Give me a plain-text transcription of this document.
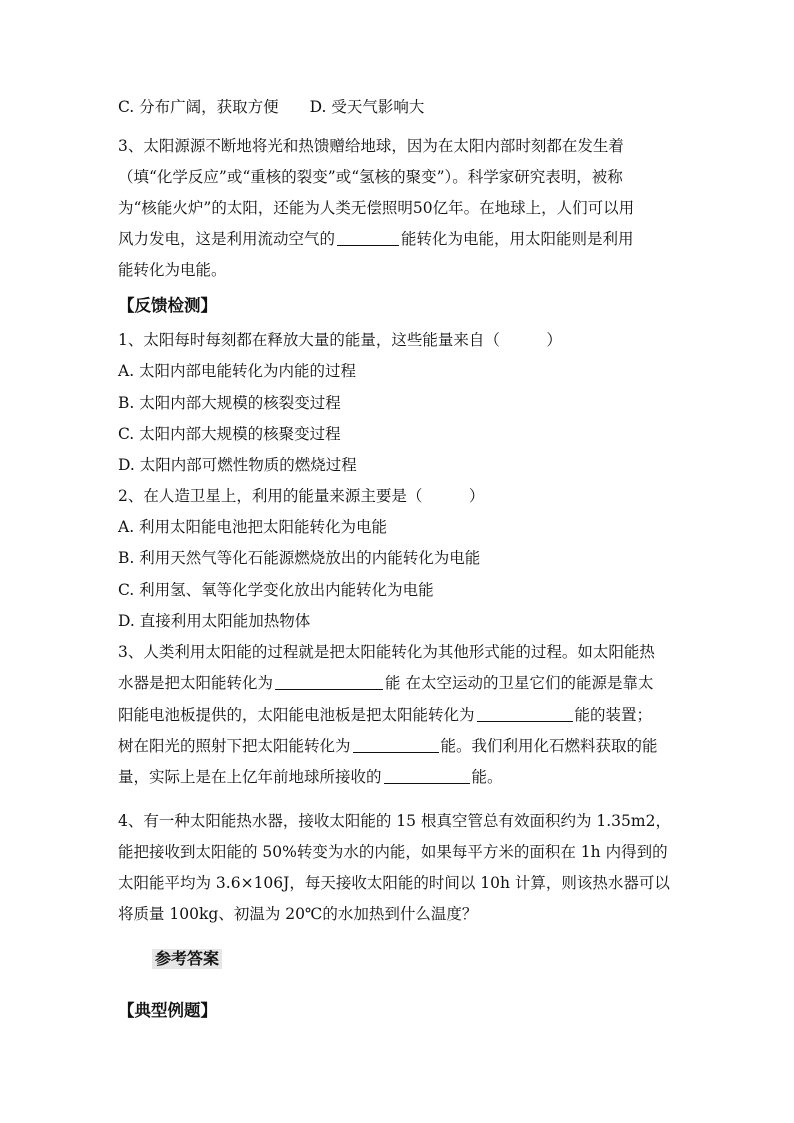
C. 分布广阔，获取方便　　D. 受天气影响大
3、太阳源源不断地将光和热馈赠给地球，因为在太阳内部时刻都在发生着
（填“化学反应”或“重核的裂变”或“氢核的聚变”）。科学家研究表明，被称
为“核能火炉”的太阳，还能为人类无偿照明50亿年。在地球上，人们可以用
风力发电，这是利用流动空气的	能转化为电能，用太阳能则是利用
能转化为电能。
【反馈检测】
1、太阳每时每刻都在释放大量的能量，这些能量来自（　　　）
A. 太阳内部电能转化为内能的过程
B. 太阳内部大规模的核裂变过程
C. 太阳内部大规模的核聚变过程
D. 太阳内部可燃性物质的燃烧过程
2、在人造卫星上，利用的能量来源主要是（　　　）
A. 利用太阳能电池把太阳能转化为电能
B. 利用天然气等化石能源燃烧放出的内能转化为电能
C. 利用氢、氧等化学变化放出内能转化为电能
D. 直接利用太阳能加热物体
3、人类利用太阳能的过程就是把太阳能转化为其他形式能的过程。如太阳能热
水器是把太阳能转化为	能 在太空运动的卫星它们的能源是靠太
阳能电池板提供的，太阳能电池板是把太阳能转化为	能的装置；
树在阳光的照射下把太阳能转化为	能。我们利用化石燃料获取的能
量，实际上是在上亿年前地球所接收的	能。
4、有一种太阳能热水器，接收太阳能的 15 根真空管总有效面积约为 1.35m2，
能把接收到太阳能的 50%转变为水的内能，如果每平方米的面积在 1h 内得到的
太阳能平均为 3.6×106J，每天接收太阳能的时间以 10h 计算，则该热水器可以
将质量 100kg、初温为 20℃的水加热到什么温度？
参考答案
【典型例题】
